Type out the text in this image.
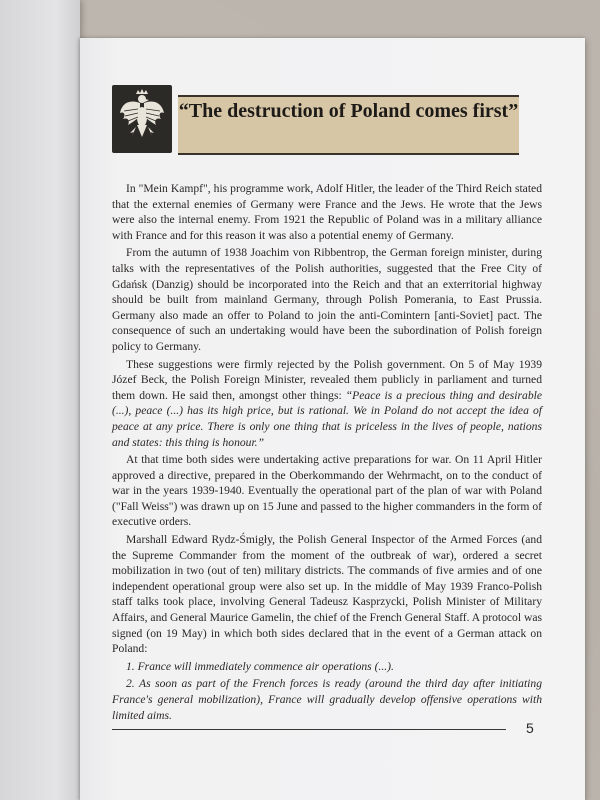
“The destruction of Poland comes first”

In "Mein Kampf", his programme work, Adolf Hitler, the leader of the Third Reich stated that the external enemies of Germany were France and the Jews. He wrote that the Jews were also the internal enemy. From 1921 the Republic of Poland was in a military alliance with France and for this reason it was also a potential enemy of Germany.

From the autumn of 1938 Joachim von Ribbentrop, the German foreign minister, during talks with the representatives of the Polish authorities, suggested that the Free City of Gdańsk (Danzig) should be incorporated into the Reich and that an exterritorial highway should be built from mainland Germany, through Polish Pomerania, to East Prussia. Germany also made an offer to Poland to join the anti-Comintern [anti-Soviet] pact. The consequence of such an undertaking would have been the subordination of Polish foreign policy to Germany.

These suggestions were firmly rejected by the Polish government. On 5 of May 1939 Józef Beck, the Polish Foreign Minister, revealed them publicly in parliament and turned them down. He said then, amongst other things: “Peace is a precious thing and desirable (...), peace (...) has its high price, but is rational. We in Poland do not accept the idea of peace at any price. There is only one thing that is priceless in the lives of people, nations and states: this thing is honour.”

At that time both sides were undertaking active preparations for war. On 11 April Hitler approved a directive, prepared in the Oberkommando der Wehrmacht, on to the conduct of war in the years 1939-1940. Eventually the operational part of the plan of war with Poland ("Fall Weiss") was drawn up on 15 June and passed to the higher commanders in the form of executive orders.

Marshall Edward Rydz-Śmigły, the Polish General Inspector of the Armed Forces (and the Supreme Commander from the moment of the outbreak of war), ordered a secret mobilization in two (out of ten) military districts. The commands of five armies and of one independent operational group were also set up. In the middle of May 1939 Franco-Polish staff talks took place, involving General Tadeusz Kasprzycki, Polish Minister of Military Affairs, and General Maurice Gamelin, the chief of the French General Staff. A protocol was signed (on 19 May) in which both sides declared that in the event of a German attack on Poland:

1. France will immediately commence air operations (...).

2. As soon as part of the French forces is ready (around the third day after initiating France's general mobilization), France will gradually develop offensive operations with limited aims.

5
